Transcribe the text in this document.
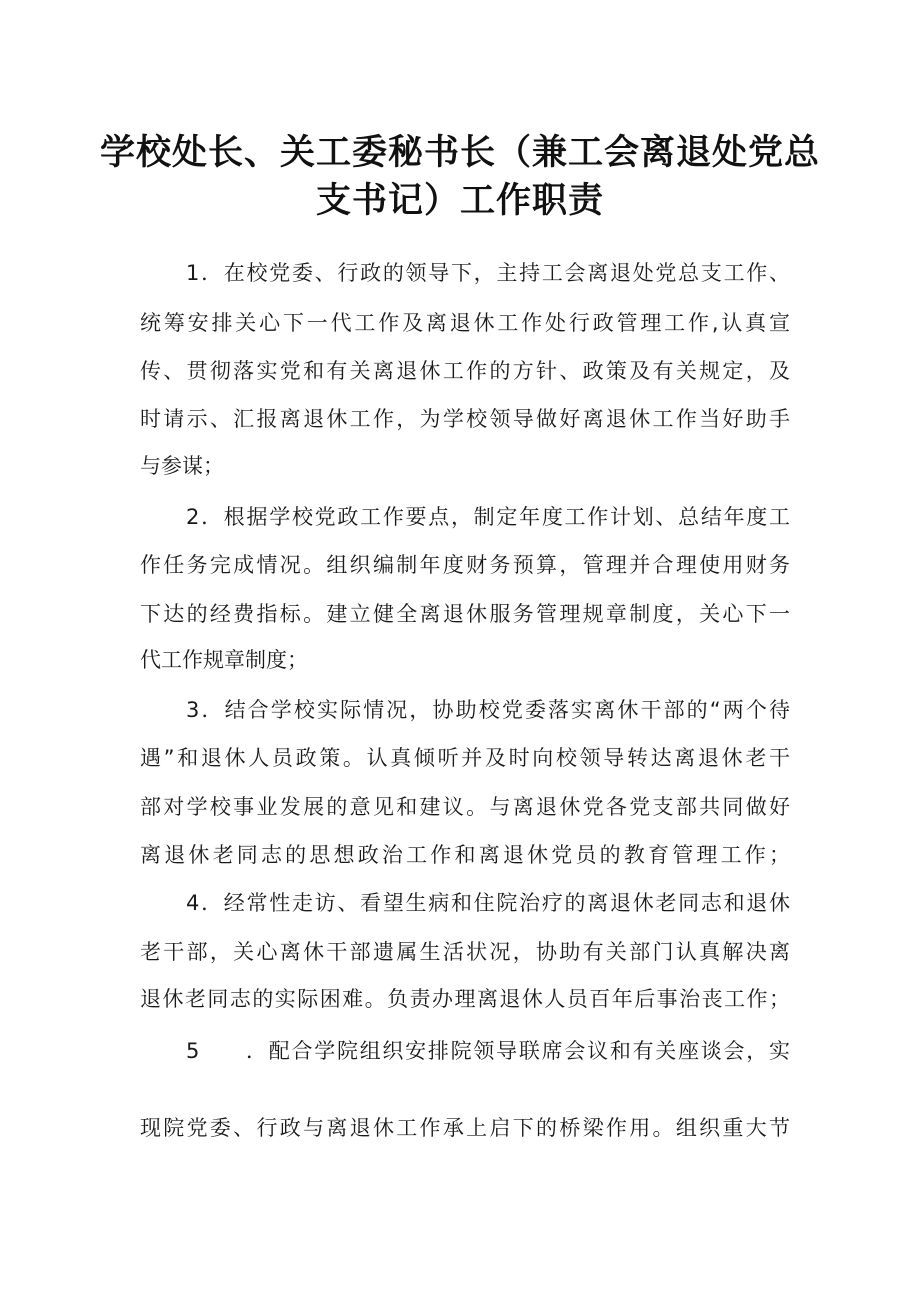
学校处长、关工委秘书长（兼工会离退处党总
支书记）工作职责
1．在校党委、行政的领导下，主持工会离退处党总支工作、
统筹安排关心下一代工作及离退休工作处行政管理工作,认真宣
传、贯彻落实党和有关离退休工作的方针、政策及有关规定，及
时请示、汇报离退休工作，为学校领导做好离退休工作当好助手
与参谋；
2．根据学校党政工作要点，制定年度工作计划、总结年度工
作任务完成情况。组织编制年度财务预算，管理并合理使用财务
下达的经费指标。建立健全离退休服务管理规章制度，关心下一
代工作规章制度；
3．结合学校实际情况，协助校党委落实离休干部的“两个待
遇”和退休人员政策。认真倾听并及时向校领导转达离退休老干
部对学校事业发展的意见和建议。与离退休党各党支部共同做好
离退休老同志的思想政治工作和离退休党员的教育管理工作；
4．经常性走访、看望生病和住院治疗的离退休老同志和退休
老干部，关心离休干部遗属生活状况，协助有关部门认真解决离
退休老同志的实际困难。负责办理离退休人员百年后事治丧工作；
5 ．配合学院组织安排院领导联席会议和有关座谈会，实
现院党委、行政与离退休工作承上启下的桥梁作用。组织重大节
